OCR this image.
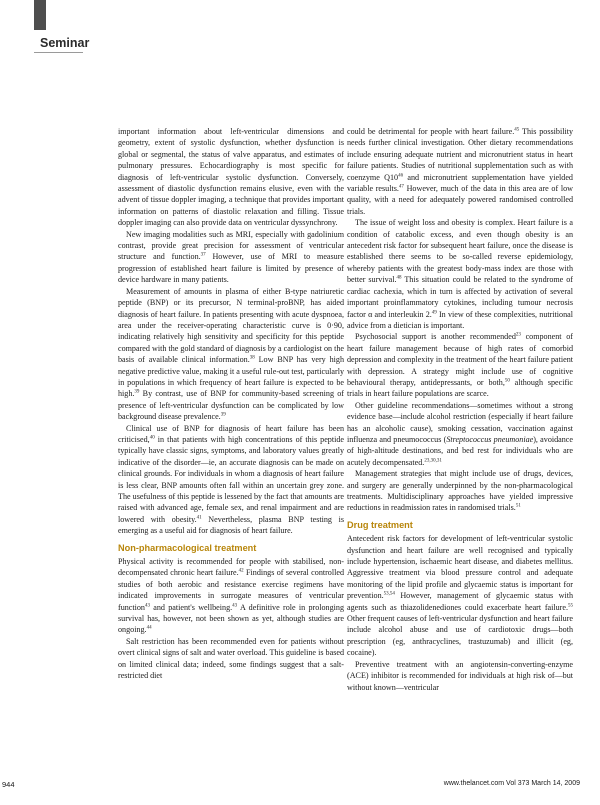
Seminar

important information about left-ventricular dimensions and geometry, extent of systolic dysfunction, whether dysfunction is global or segmental, the status of valve apparatus, and estimates of pulmonary pressures. Echocardiography is most specific for diagnosis of left-ventricular systolic dysfunction. Conversely, assessment of diastolic dysfunction remains elusive, even with the advent of tissue doppler imaging, a technique that provides important information on patterns of diastolic relaxation and filling. Tissue doppler imaging can also provide data on ventricular dyssynchrony.

New imaging modalities such as MRI, especially with gadolinium contrast, provide great precision for assessment of ventricular structure and function.$^{37}$ However, use of MRI to measure progression of established heart failure is limited by presence of device hardware in many patients.

Measurement of amounts in plasma of either B-type natriuretic peptide (BNP) or its precursor, N terminal-proBNP, has aided diagnosis of heart failure. In patients presenting with acute dyspnoea, area under the receiver-operating characteristic curve is 0·90, indicating relatively high sensitivity and specificity for this peptide compared with the gold standard of diagnosis by a cardiologist on the basis of available clinical information.$^{38}$ Low BNP has very high negative predictive value, making it a useful rule-out test, particularly in populations in which frequency of heart failure is expected to be high.$^{39}$ By contrast, use of BNP for community-based screening of presence of left-ventricular dysfunction can be complicated by low background disease prevalence.$^{39}$

Clinical use of BNP for diagnosis of heart failure has been criticised,$^{40}$ in that patients with high concentrations of this peptide typically have classic signs, symptoms, and laboratory values greatly indicative of the disorder—ie, an accurate diagnosis can be made on clinical grounds. For individuals in whom a diagnosis of heart failure is less clear, BNP amounts often fall within an uncertain grey zone. The usefulness of this peptide is lessened by the fact that amounts are raised with advanced age, female sex, and renal impairment and are lowered with obesity.$^{41}$ Nevertheless, plasma BNP testing is emerging as a useful aid for diagnosis of heart failure.

Non-pharmacological treatment

Physical activity is recommended for people with stabilised, non-decompensated chronic heart failure.$^{42}$ Findings of several controlled studies of both aerobic and resistance exercise regimens have indicated improvements in surrogate measures of ventricular function$^{43}$ and patient's wellbeing.$^{43}$ A definitive role in prolonging survival has, however, not been shown as yet, although studies are ongoing.$^{44}$

Salt restriction has been recommended even for patients without overt clinical signs of salt and water overload. This guideline is based on limited clinical data; indeed, some findings suggest that a salt-restricted diet

could be detrimental for people with heart failure.$^{45}$ This possibility needs further clinical investigation. Other dietary recommendations include ensuring adequate nutrient and micronutrient status in heart failure patients. Studies of nutritional supplementation such as with coenzyme $Q10^{46}$ and micronutrient supplementation have yielded variable results.$^{47}$ However, much of the data in this area are of low quality, with a need for adequately powered randomised controlled trials.

The issue of weight loss and obesity is complex. Heart failure is a condition of catabolic excess, and even though obesity is an antecedent risk factor for subsequent heart failure, once the disease is established there seems to be so-called reverse epidemiology, whereby patients with the greatest body-mass index are those with better survival.$^{48}$ This situation could be related to the syndrome of cardiac cachexia, which in turn is affected by activation of several important proinflammatory cytokines, including tumour necrosis factor α and interleukin 2.49 In view of these complexities, nutritional advice from a dietician is important.

Psychosocial support is another recommended$^{23}$ component of heart failure management because of high rates of comorbid depression and complexity in the treatment of the heart failure patient with depression. A strategy might include use of cognitive behavioural therapy, antidepressants, or both,$^{50}$ although specific trials in heart failure populations are scarce.

Other guideline recommendations—sometimes without a strong evidence base—include alcohol restriction (especially if heart failure has an alcoholic cause), smoking cessation, vaccination against influenza and pneumococcus (Streptococcus pneumoniae), avoidance of high-altitude destinations, and bed rest for individuals who are acutely decompensated.$^{23,30,31}$

Management strategies that might include use of drugs, devices, and surgery are generally underpinned by the non-pharmacological treatments. Multidisciplinary approaches have yielded impressive reductions in readmission rates in randomised trials.$^{51}$

Drug treatment

Antecedent risk factors for development of left-ventricular systolic dysfunction and heart failure are well recognised and typically include hypertension, ischaemic heart disease, and diabetes mellitus. Aggressive treatment via blood pressure control and adequate monitoring of the lipid profile and glycaemic status is important for prevention.$^{53,54}$ However, management of glycaemic status with agents such as thiazolidenediones could exacerbate heart failure.$^{55}$ Other frequent causes of left-ventricular dysfunction and heart failure include alcohol abuse and use of cardiotoxic drugs—both prescription (eg, anthracyclines, trastuzumab) and illicit (eg, cocaine).

Preventive treatment with an angiotensin-converting-enzyme (ACE) inhibitor is recommended for individuals at high risk of—but without known—ventricular

944	www.thelancet.com Vol 373 March 14, 2009
